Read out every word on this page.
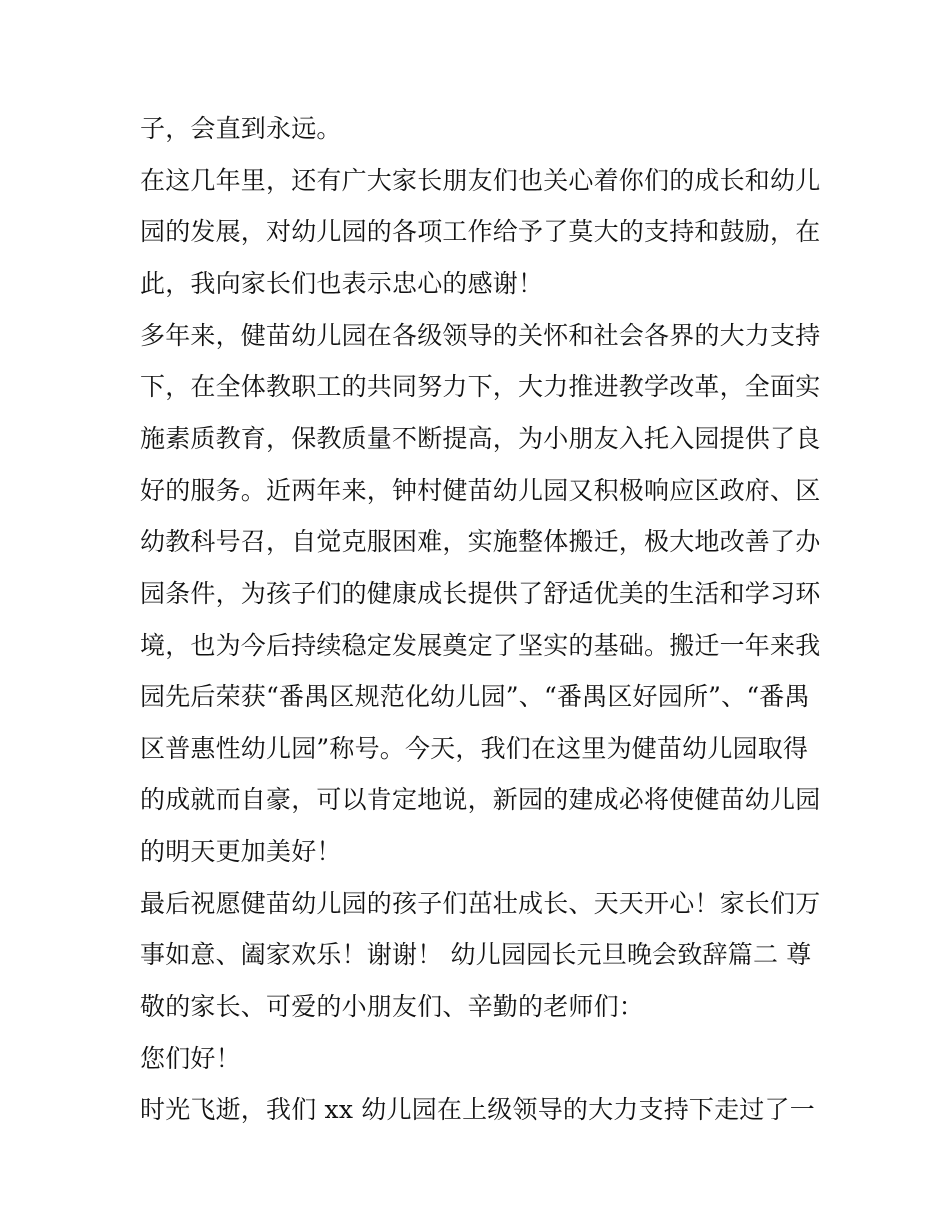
子，会直到永远。
在这几年里，还有广大家长朋友们也关心着你们的成长和幼儿
园的发展，对幼儿园的各项工作给予了莫大的支持和鼓励，在
此，我向家长们也表示忠心的感谢！
多年来，健苗幼儿园在各级领导的关怀和社会各界的大力支持
下，在全体教职工的共同努力下，大力推进教学改革，全面实
施素质教育，保教质量不断提高，为小朋友入托入园提供了良
好的服务。近两年来，钟村健苗幼儿园又积极响应区政府、区
幼教科号召，自觉克服困难，实施整体搬迁，极大地改善了办
园条件，为孩子们的健康成长提供了舒适优美的生活和学习环
境，也为今后持续稳定发展奠定了坚实的基础。搬迁一年来我
园先后荣获“番禺区规范化幼儿园”、“番禺区好园所”、“番禺
区普惠性幼儿园”称号。今天，我们在这里为健苗幼儿园取得
的成就而自豪，可以肯定地说，新园的建成必将使健苗幼儿园
的明天更加美好！
最后祝愿健苗幼儿园的孩子们茁壮成长、天天开心！家长们万
事如意、阖家欢乐！谢谢！ 幼儿园园长元旦晚会致辞篇二 尊
敬的家长、可爱的小朋友们、辛勤的老师们：
您们好！
时光飞逝，我们 xx 幼儿园在上级领导的大力支持下走过了一
